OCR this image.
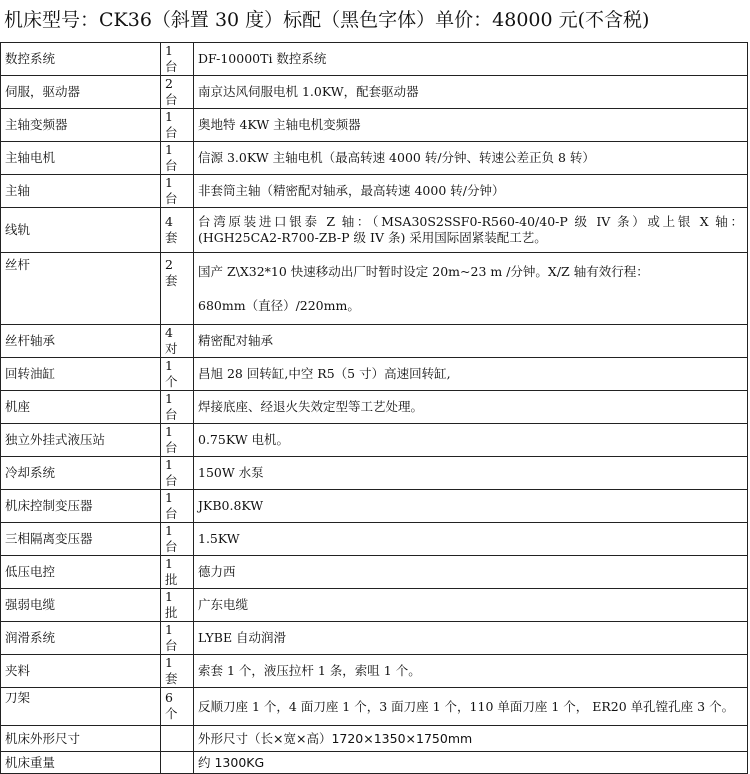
机床型号：CK36（斜置 30 度）标配（黑色字体）单价：48000 元(不含税)
数控系统	1 台	DF-10000Ti 数控系统
伺服，驱动器	2 台	南京达风伺服电机 1.0KW，配套驱动器
主轴变频器	1 台	奥地特 4KW 主轴电机变频器
主轴电机	1 台	信源 3.0KW 主轴电机（最高转速 4000 转/分钟、转速公差正负 8 转）
主轴	1 台	非套筒主轴（精密配对轴承，最高转速 4000 转/分钟）
线轨	4 套	台湾原装进口银泰 Z 轴：（MSA30S2SSF0-R560-40/40-P 级 IV 条）或上银 X 轴：(HGH25CA2-R700-ZB-P 级 IV 条) 采用国际固紧装配工艺。
丝杆	2 套	国产 Z\X32*10 快速移动出厂时暂时设定 20m~23 m /分钟。X/Z 轴有效行程：
680mm（直径）/220mm。

丝杆轴承	4 对	精密配对轴承
回转油缸	1 个	昌旭 28 回转缸,中空 R5（5 寸）高速回转缸,
机座	1 台	焊接底座、经退火失效定型等工艺处理。
独立外挂式液压站	1 台	0.75KW 电机。
冷却系统	1 台	150W 水泵
机床控制变压器	1 台	JKB0.8KW
三相隔离变压器	1 台	1.5KW
低压电控	1 批	德力西
强弱电缆	1 批	广东电缆
润滑系统	1 台	LYBE 自动润滑
夹料	1 套	索套 1 个，液压拉杆 1 条，索咀 1 个。
刀架	6 个	反顺刀座 1 个，4 面刀座 1 个，3 面刀座 1 个，110 单面刀座 1 个， ER20 单孔镗孔座 3 个。
机床外形尺寸		外形尺寸（长×宽×高）1720×1350×1750mm
机床重量		约 1300KG
